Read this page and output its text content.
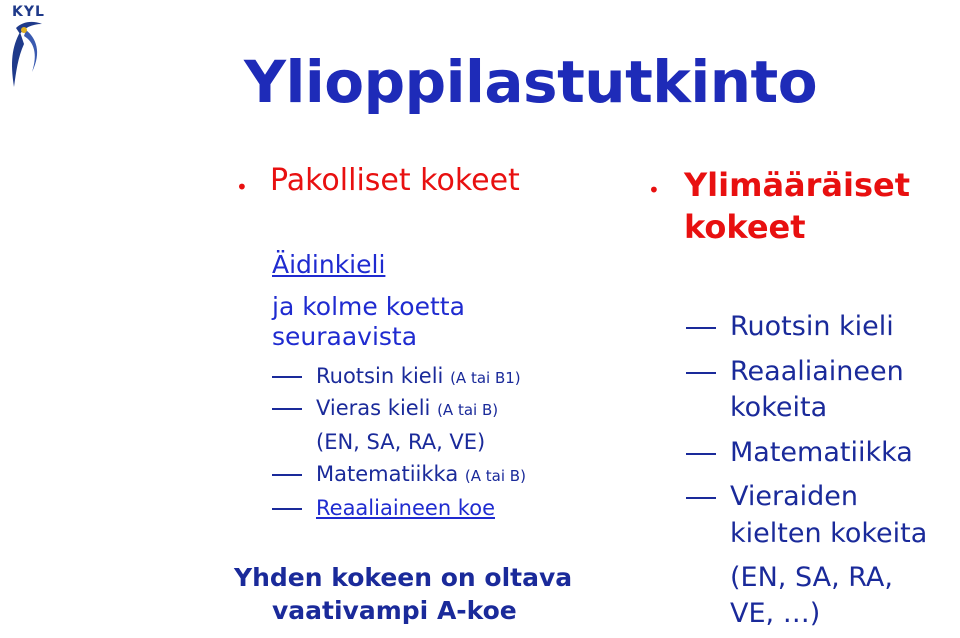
KYL
Ylioppilastutkinto
• Pakolliset kokeet
Äidinkieli
ja kolme koetta
seuraavista
Ruotsin kieli (A tai B1)
Vieras kieli (A tai B)
(EN, SA, RA, VE)
Matematiikka (A tai B)
Reaaliaineen koe
Yhden kokeen on oltava
vaativampi A-koe
• Ylimääräiset
kokeet
Ruotsin kieli
Reaaliaineen
kokeita
Matematiikka
Vieraiden
kielten kokeita
(EN, SA, RA,
VE, …)
